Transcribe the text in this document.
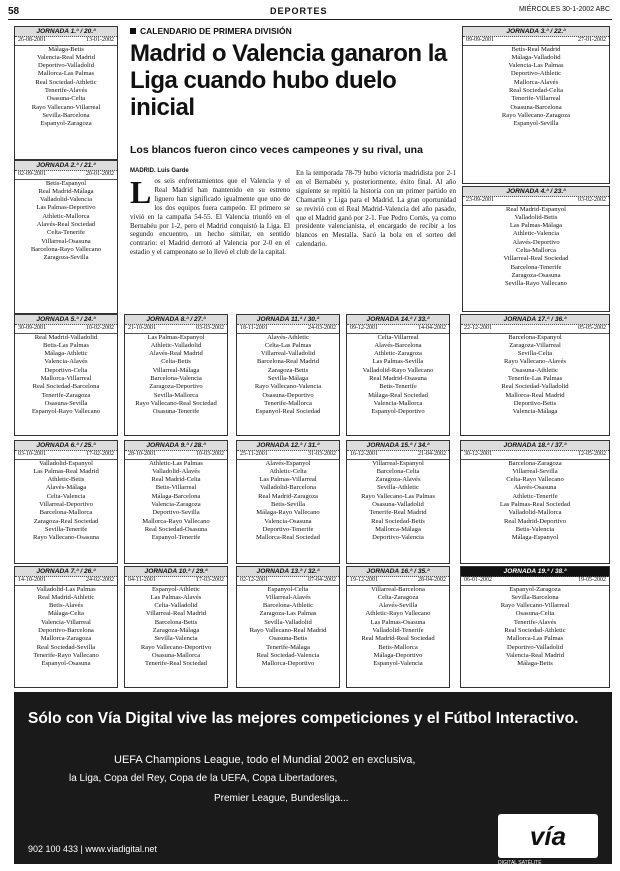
58	DEPORTES	MIÉRCOLES 30-1-2002 ABC
CALENDARIO DE PRIMERA DIVISIÓN
Madrid o Valencia ganaron la Liga cuando hubo duelo inicial
Los blancos fueron cinco veces campeones y su rival, una
MADRID. Luis Garde
Los seis enfrentamientos que el Valencia y el Real Madrid han mantenido en su estreno liguero han significado igualmente que uno de los dos equipos fuera campeón. El primero se vivió en la campaña 54-55. El Valencia triunfó en el Bernabéu por 1-2, pero el Madrid conquistó la Liga. El segundo encuentro, un hecho similar, en sentido contrario: el Madrid derrotó al Valencia por 2-0 en el estadio y el campeonato se lo llevó el club de la capital.
En la temporada 78-79 hubo victoria madridista por 2-1 en el Bernabéu y, posteriormente, éxito final. Al año siguiente se repitió la historia con un primer partido en Chamartín y Liga para el Madrid. La gran oportunidad se revivió con el Real Madrid-Valencia del año pasado, que el Madrid ganó por 2-1. Fue Pedro Cortés, ya como presidente valencianista, el encargado de recibir a los blancos en Mestalla. Sacó la bola en el sorteo del calendario.
JORNADA 1.ª / 20.ª
26-08-2001	13-01-2002
Málaga-Betis
Valencia-Real Madrid
Deportivo-Valladolid
Mallorca-Las Palmas
Real Sociedad-Athletic
Tenerife-Alavés
Osasuna-Celta
Rayo Vallecano-Villarreal
Sevilla-Barcelona
Espanyol-Zaragoza
JORNADA 2.ª / 21.ª
02-09-2001	20-01-2002
Betis-Espanyol
Real Madrid-Málaga
Valladolid-Valencia
Las Palmas-Deportivo
Athletic-Mallorca
Alavés-Real Sociedad
Celta-Tenerife
Villarreal-Osasuna
Barcelona-Rayo Vallecano
Zaragoza-Sevilla
JORNADA 3.ª / 22.ª
09-09-2001	27-01-2002
Betis-Real Madrid
Málaga-Valladolid
Valencia-Las Palmas
Deportivo-Athletic
Mallorca-Alavés
Real Sociedad-Celta
Tenerife-Villarreal
Osasuna-Barcelona
Rayo Vallecano-Zaragoza
Espanyol-Sevilla
JORNADA 4.ª / 23.ª
23-09-2001	03-02-2002
Real Madrid-Espanyol
Valladolid-Betis
Las Palmas-Málaga
Athletic-Valencia
Alavés-Deportivo
Celta-Mallorca
Villarreal-Real Sociedad
Barcelona-Tenerife
Zaragoza-Osasuna
Sevilla-Rayo Vallecano
JORNADA 5.ª / 24.ª
30-09-2001	10-02-2002
Real Madrid-Valladolid
Betis-Las Palmas
Málaga-Athletic
Valencia-Alavés
Deportivo-Celta
Mallorca-Villarreal
Real Sociedad-Barcelona
Tenerife-Zaragoza
Osasuna-Sevilla
Espanyol-Rayo Vallecano
JORNADA 6.ª / 25.ª
03-10-2001	17-02-2002
Valladolid-Espanyol
Las Palmas-Real Madrid
Athletic-Betis
Alavés-Málaga
Celta-Valencia
Villarreal-Deportivo
Barcelona-Mallorca
Zaragoza-Real Sociedad
Sevilla-Tenerife
Rayo Vallecano-Osasuna
JORNADA 7.ª / 26.ª
14-10-2001	24-02-2002
Valladolid-Las Palmas
Real Madrid-Athletic
Betis-Alavés
Málaga-Celta
Valencia-Villarreal
Deportivo-Barcelona
Mallorca-Zaragoza
Real Sociedad-Sevilla
Tenerife-Rayo Vallecano
Espanyol-Osasuna
JORNADA 8.ª / 27.ª
21-10-2001	03-03-2002
Las Palmas-Espanyol
Athletic-Valladolid
Alavés-Real Madrid
Celta-Betis
Villarreal-Málaga
Barcelona-Valencia
Zaragoza-Deportivo
Sevilla-Mallorca
Rayo Vallecano-Real Sociedad
Osasuna-Tenerife
JORNADA 9.ª / 28.ª
28-10-2001	10-03-2002
Athletic-Las Palmas
Valladolid-Alavés
Real Madrid-Celta
Betis-Villarreal
Málaga-Barcelona
Valencia-Zaragoza
Deportivo-Sevilla
Mallorca-Rayo Vallecano
Real Sociedad-Osasuna
Espanyol-Tenerife
JORNADA 10.ª / 29.ª
04-11-2001	17-03-2002
Espanyol-Athletic
Las Palmas-Alavés
Celta-Valladolid
Villarreal-Real Madrid
Barcelona-Betis
Zaragoza-Málaga
Sevilla-Valencia
Rayo Vallecano-Deportivo
Osasuna-Mallorca
Tenerife-Real Sociedad
JORNADA 11.ª / 30.ª
18-11-2001	24-03-2002
Alavés-Athletic
Celta-Las Palmas
Villarreal-Valladolid
Barcelona-Real Madrid
Zaragoza-Betis
Sevilla-Málaga
Rayo Vallecano-Valencia
Osasuna-Deportivo
Tenerife-Mallorca
Espanyol-Real Sociedad
JORNADA 12.ª / 31.ª
25-11-2001	31-03-2002
Alavés-Espanyol
Athletic-Celta
Las Palmas-Villarreal
Valladolid-Barcelona
Real Madrid-Zaragoza
Betis-Sevilla
Málaga-Rayo Vallecano
Valencia-Osasuna
Deportivo-Tenerife
Mallorca-Real Sociedad
JORNADA 13.ª / 32.ª
02-12-2001	07-04-2002
Espanyol-Celta
Villarreal-Alavés
Barcelona-Athletic
Zaragoza-Las Palmas
Sevilla-Valladolid
Rayo Vallecano-Real Madrid
Osasuna-Betis
Tenerife-Málaga
Real Sociedad-Valencia
Mallorca-Deportivo
JORNADA 14.ª / 33.ª
09-12-2001	14-04-2002
Celta-Villarreal
Alavés-Barcelona
Athletic-Zaragoza
Las Palmas-Sevilla
Valladolid-Rayo Vallecano
Real Madrid-Osasuna
Betis-Tenerife
Málaga-Real Sociedad
Valencia-Mallorca
Espanyol-Deportivo
JORNADA 15.ª / 34.ª
16-12-2001	21-04-2002
Villarreal-Espanyol
Barcelona-Celta
Zaragoza-Alavés
Sevilla-Athletic
Rayo Vallecano-Las Palmas
Osasuna-Valladolid
Tenerife-Real Madrid
Real Sociedad-Betis
Mallorca-Málaga
Deportivo-Valencia
JORNADA 16.ª / 35.ª
19-12-2001	28-04-2002
Villarreal-Barcelona
Celta-Zaragoza
Alavés-Sevilla
Athletic-Rayo Vallecano
Las Palmas-Osasuna
Valladolid-Tenerife
Real Madrid-Real Sociedad
Betis-Mallorca
Málaga-Deportivo
Espanyol-Valencia
JORNADA 17.ª / 36.ª
22-12-2001	05-05-2002
Barcelona-Espanyol
Zaragoza-Villarreal
Sevilla-Celta
Rayo Vallecano-Alavés
Osasuna-Athletic
Tenerife-Las Palmas
Real Sociedad-Valladolid
Mallorca-Real Madrid
Deportivo-Betis
Valencia-Málaga
JORNADA 18.ª / 37.ª
30-12-2001	12-05-2002
Barcelona-Zaragoza
Villarreal-Sevilla
Celta-Rayo Vallecano
Alavés-Osasuna
Athletic-Tenerife
Las Palmas-Real Sociedad
Valladolid-Mallorca
Real Madrid-Deportivo
Betis-Valencia
Málaga-Espanyol
JORNADA 19.ª / 38.ª
06-01-2002	19-05-2002
Espanyol-Zaragoza
Sevilla-Barcelona
Rayo Vallecano-Villarreal
Osasuna-Celta
Tenerife-Alavés
Real Sociedad-Athletic
Mallorca-Las Palmas
Deportivo-Valladolid
Valencia-Real Madrid
Málaga-Betis
Sólo con Vía Digital vive las mejores competiciones y el Fútbol Interactivo.
UEFA Champions League, todo el Mundial 2002 en exclusiva,
la Liga, Copa del Rey, Copa de la UEFA, Copa Libertadores,
Premier League, Bundesliga...
902 100 433 | www.viadigital.net	vía
DIGITAL SATÉLITE
